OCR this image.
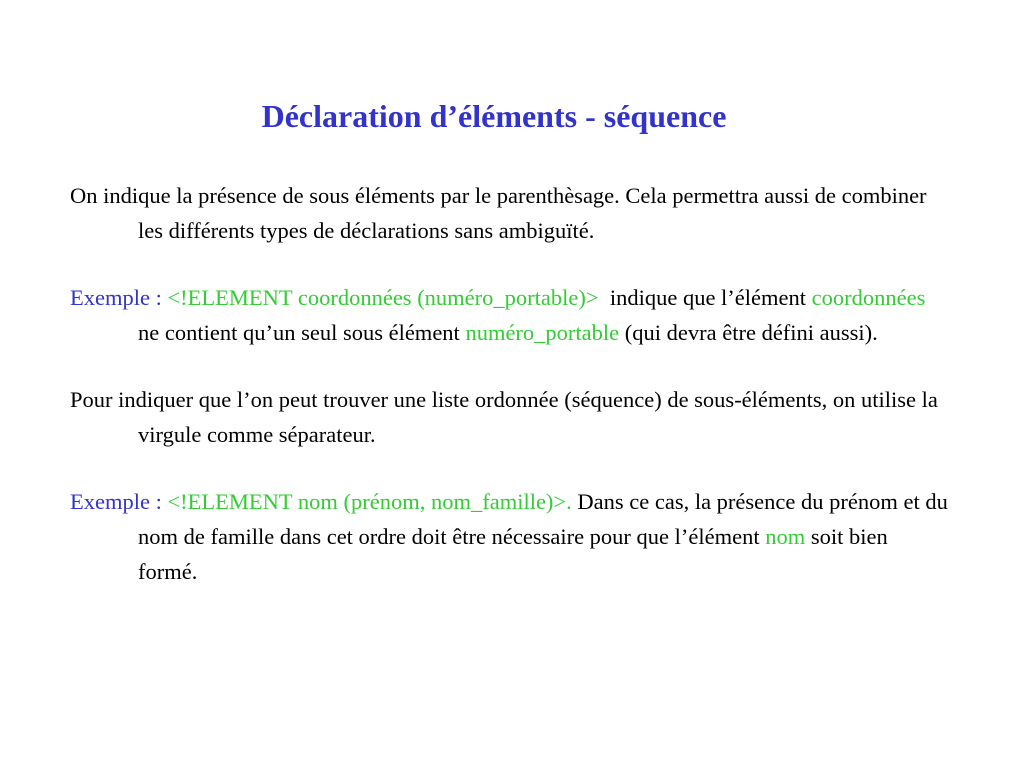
Déclaration d’éléments - séquence

On indique la présence de sous éléments par le parenthèsage. Cela permettra aussi de combiner les différents types de déclarations sans ambiguïté.

Exemple : <!ELEMENT coordonnées (numéro_portable)>  indique que l’élément coordonnées ne contient qu’un seul sous élément numéro_portable (qui devra être défini aussi).

Pour indiquer que l’on peut trouver une liste ordonnée (séquence) de sous-éléments, on utilise la virgule comme séparateur.

Exemple : <!ELEMENT nom (prénom, nom_famille)>. Dans ce cas, la présence du prénom et du nom de famille dans cet ordre doit être nécessaire pour que l’élément nom soit bien formé.
